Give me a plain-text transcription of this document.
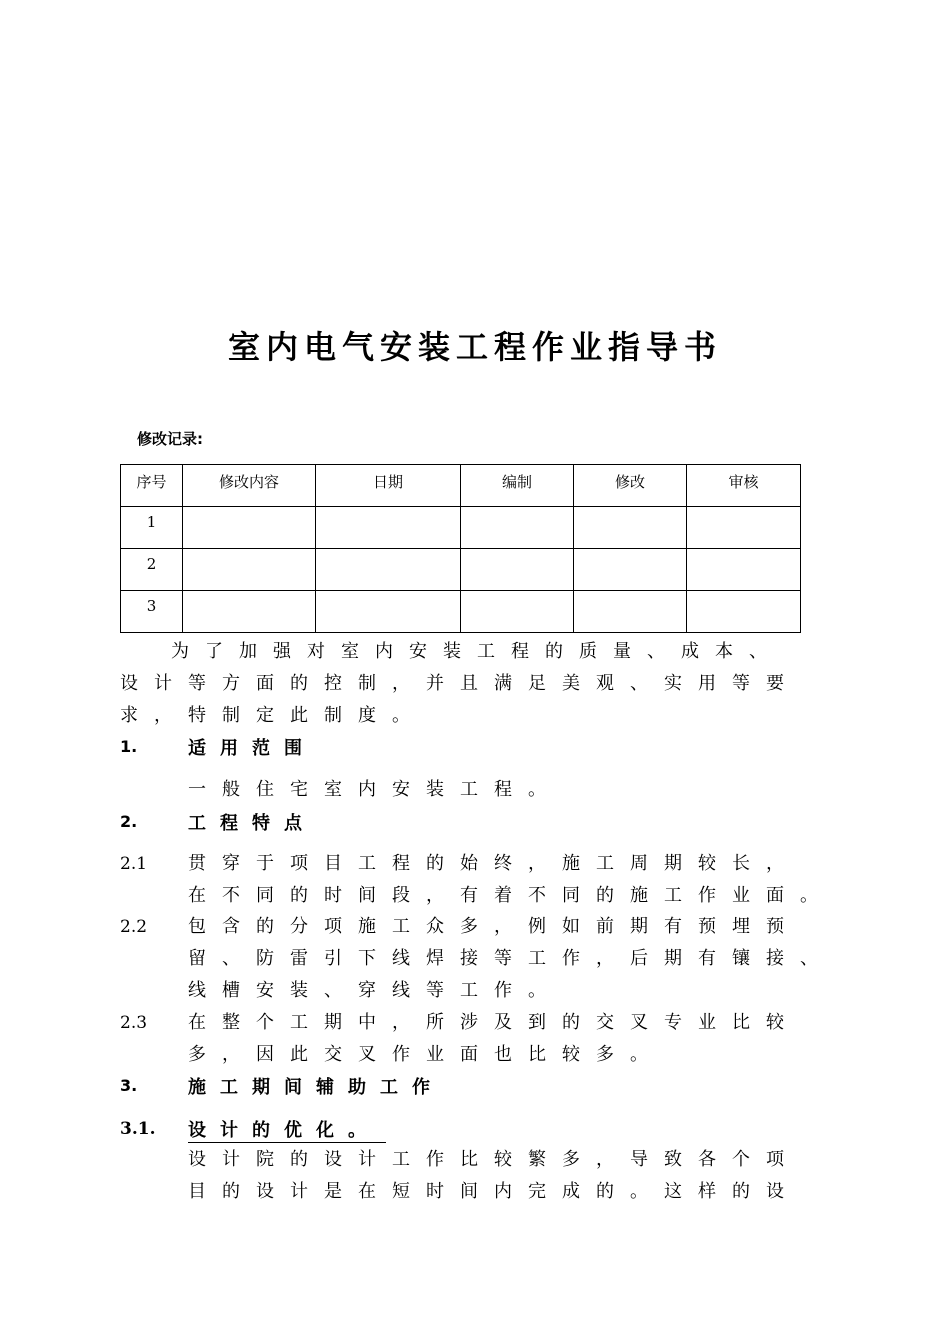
室内电气安装工程作业指导书
修改记录:
序号	修改内容	日期	编制	修改	审核
1					
2					
3					
为 了 加 强 对 室 内 安 装 工 程 的 质 量 、 成 本 、
设 计 等 方 面 的 控 制 ， 并 且 满 足 美 观 、 实 用 等 要
求 ， 特 制 定 此 制 度 。
1.	适用范围
一 般 住 宅 室 内 安 装 工 程 。
2.	工程特点
2.1 贯 穿 于 项 目 工 程 的 始 终 ， 施 工 周 期 较 长 ，
在 不 同 的 时 间 段 ， 有 着 不 同 的 施 工 作 业 面 。
2.2 包 含 的 分 项 施 工 众 多 ， 例 如 前 期 有 预 埋 预
留 、 防 雷 引 下 线 焊 接 等 工 作 ， 后 期 有 镶 接 、
线 槽 安 装 、 穿 线 等 工 作 。
2.3 在 整 个 工 期 中 ， 所 涉 及 到 的 交 叉 专 业 比 较
多 ， 因 此 交 叉 作 业 面 也 比 较 多 。
3.	施工期间辅助工作
3.1. 设计的优化。
设 计 院 的 设 计 工 作 比 较 繁 多 ， 导 致 各 个 项
目 的 设 计 是 在 短 时 间 内 完 成 的 。 这 样 的 设
